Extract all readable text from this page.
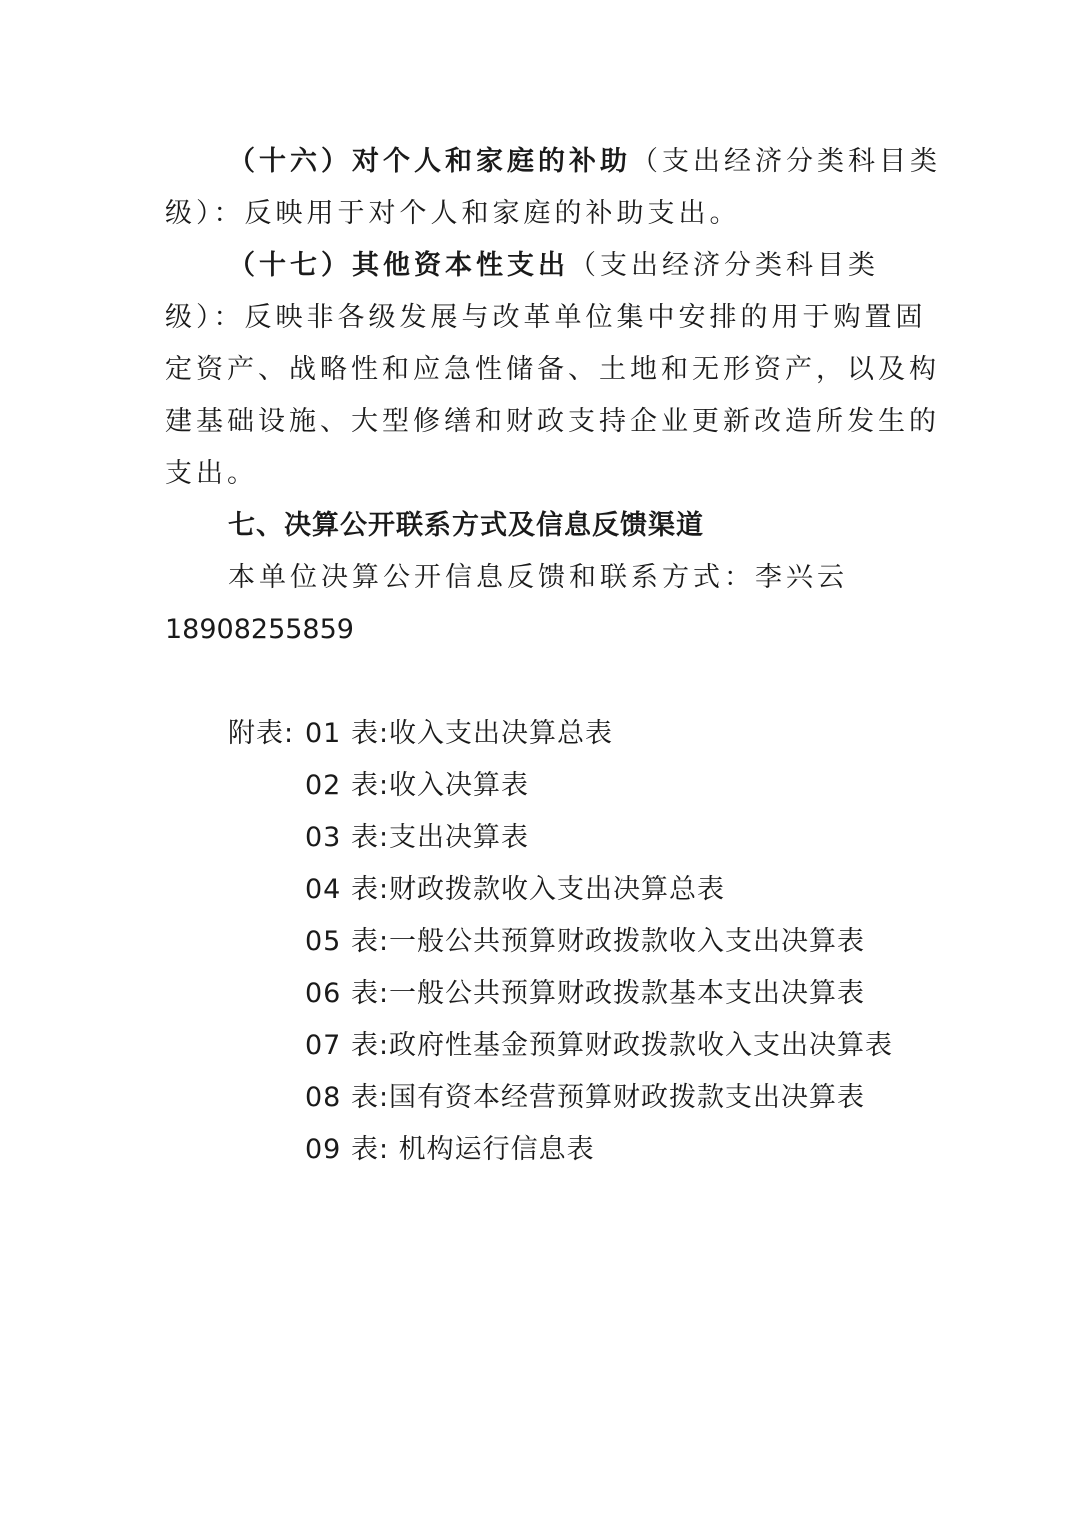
（十六）对个人和家庭的补助（支出经济分类科目类
级）：反映用于对个人和家庭的补助支出。
（十七）其他资本性支出（支出经济分类科目类
级）：反映非各级发展与改革单位集中安排的用于购置固
定资产、战略性和应急性储备、土地和无形资产，以及构
建基础设施、大型修缮和财政支持企业更新改造所发生的
支出。
七、决算公开联系方式及信息反馈渠道
本单位决算公开信息反馈和联系方式：李兴云
18908255859
附表: 01 表:收入支出决算总表
02 表:收入决算表
03 表:支出决算表
04 表:财政拨款收入支出决算总表
05 表:一般公共预算财政拨款收入支出决算表
06 表:一般公共预算财政拨款基本支出决算表
07 表:政府性基金预算财政拨款收入支出决算表
08 表:国有资本经营预算财政拨款支出决算表
09 表: 机构运行信息表
